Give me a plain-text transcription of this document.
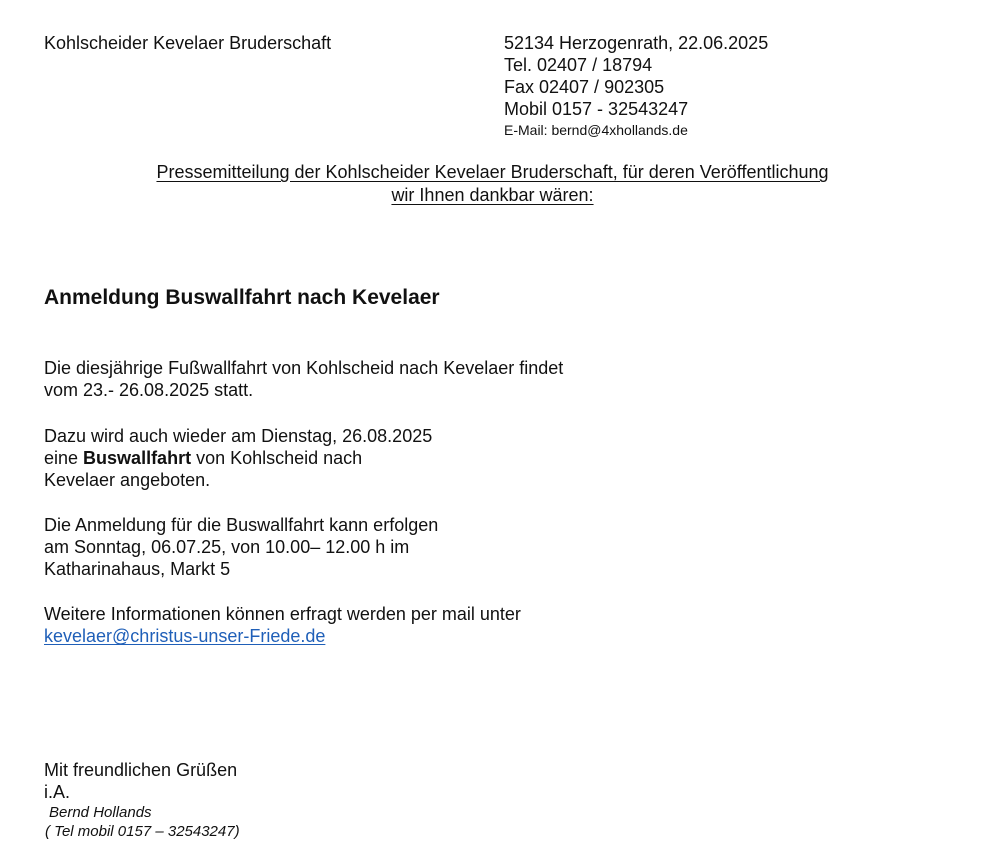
Kohlscheider Kevelaer Bruderschaft	52134 Herzogenrath, 22.06.2025
Tel. 02407 / 18794
Fax 02407 / 902305
Mobil 0157 - 32543247
E-Mail: bernd@4xhollands.de
Pressemitteilung der Kohlscheider Kevelaer Bruderschaft, für deren Veröffentlichung
wir Ihnen dankbar wären:
Anmeldung Buswallfahrt nach Kevelaer
Die diesjährige Fußwallfahrt von Kohlscheid nach Kevelaer findet
vom 23.- 26.08.2025 statt.
Dazu wird auch wieder am Dienstag, 26.08.2025
eine Buswallfahrt von Kohlscheid nach
Kevelaer angeboten.
Die Anmeldung für die Buswallfahrt kann erfolgen
am Sonntag, 06.07.25, von 10.00– 12.00 h im
Katharinahaus, Markt 5
Weitere Informationen können erfragt werden per mail unter
kevelaer@christus-unser-Friede.de
Mit freundlichen Grüßen
i.A.
Bernd Hollands
( Tel mobil 0157 – 32543247)
